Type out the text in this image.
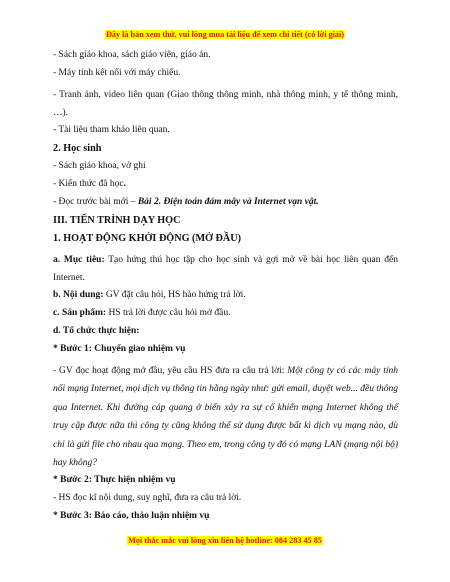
Đây là bản xem thử, vui lòng mua tài liệu để xem chi tiết (có lời giải)

- Sách giáo khoa, sách giáo viên, giáo án.

- Máy tính kết nối với máy chiếu.

- Tranh ảnh, video liên quan (Giao thông thông minh, nhà thông minh, y tế thông minh, …).

- Tài liệu tham khảo liên quan.

2. Học sinh

- Sách giáo khoa, vở ghi

- Kiến thức đã học.

- Đọc trước bài mới – Bài 2. Điện toán đám mây và Internet vạn vật.

III. TIẾN TRÌNH DẠY HỌC

1. HOẠT ĐỘNG KHỞI ĐỘNG (MỞ ĐẦU)

a. Mục tiêu: Tạo hứng thú học tập cho học sinh và gợi mở về bài học liên quan đến Internet.

b. Nội dung: GV đặt câu hỏi, HS hào hứng trả lời.

c. Sản phẩm: HS trả lời được câu hỏi mở đầu.

d. Tổ chức thực hiện:

* Bước 1: Chuyển giao nhiệm vụ

- GV đọc hoạt động mở đầu, yêu cầu HS đưa ra câu trả lời: Một công ty có các máy tính nối mạng Internet, mọi dịch vụ thông tin hằng ngày như: gửi email, duyệt web... đều thông qua Internet. Khi đường cáp quang ở biển xảy ra sự cố khiến mạng Internet không thể truy cập được nữa thì công ty cũng không thể sử dụng được bất kì dịch vụ mạng nào, dù chỉ là gửi file cho nhau qua mạng. Theo em, trong công ty đó có mạng LAN (mạng nội bộ) hay không?

* Bước 2: Thực hiện nhiệm vụ

- HS đọc kĩ nội dung, suy nghĩ, đưa ra câu trả lời.

* Bước 3: Báo cáo, thảo luận nhiệm vụ

Mọi thắc mắc vui lòng xin liên hệ hotline: 084 283 45 85
